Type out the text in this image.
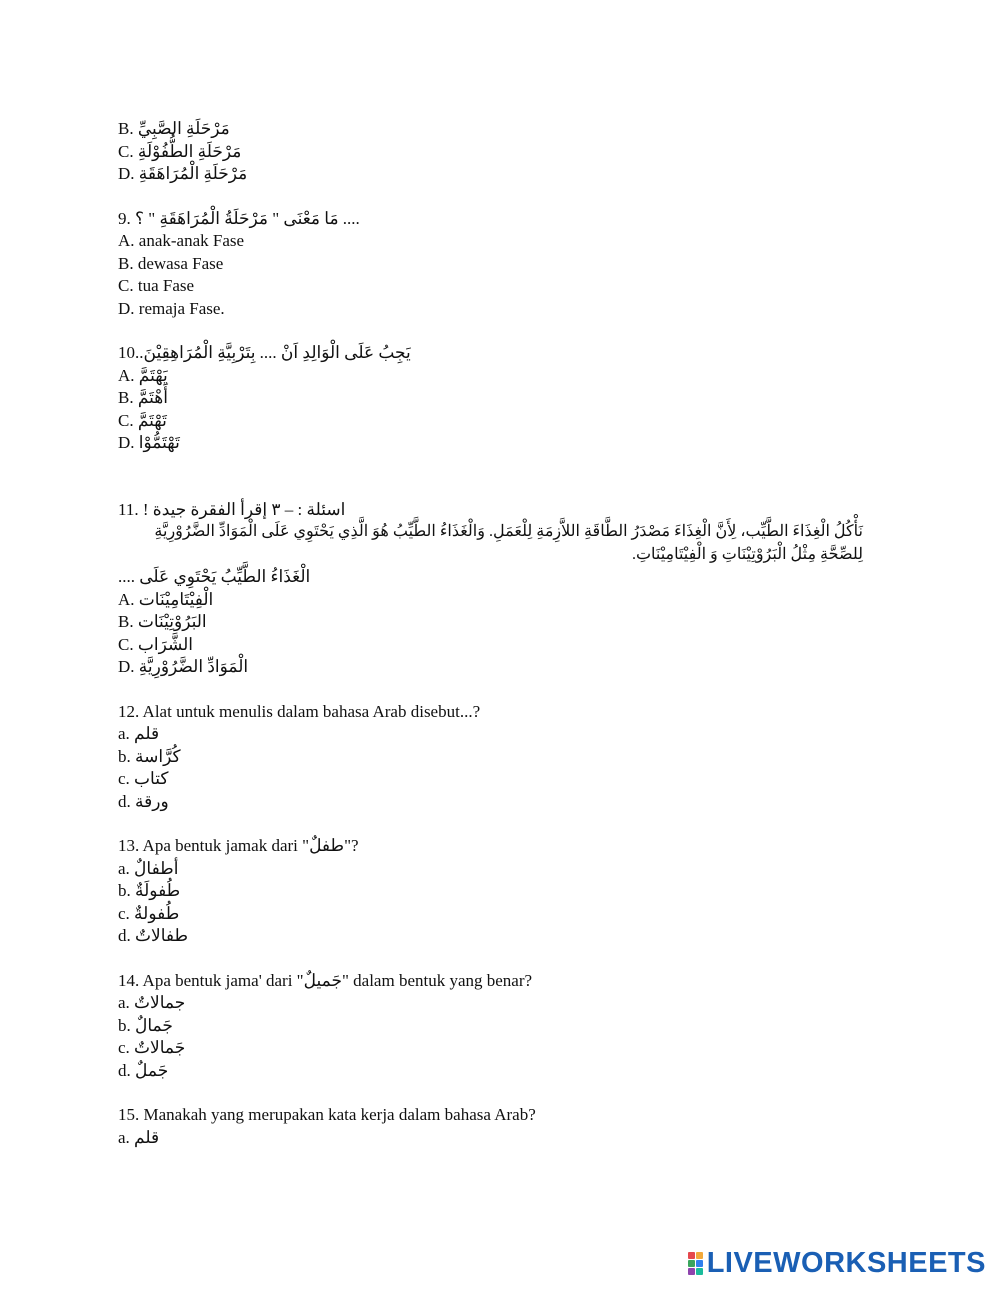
B. مَرْحَلَةِ الصَّبِيِّ
C. مَرْحَلَةِ الطُّفُوْلَةِ
D. مَرْحَلَةِ الْمُرَاهَقَةِ
9. مَا مَعْنَى " مَرْحَلَةُ الْمُرَاهَقَةِ " ؟ ....
A. anak-anak Fase
B. dewasa Fase
C. tua Fase
D. remaja Fase.
10.يَجِبُ عَلَى الْوَالِدِ اَنْ .... بِتَرْبِيَّةِ الْمُرَاهِقِيْنَ.
A. يَهْتَمَّ
B. أَهْتَمَّ
C. تَهْتَمَّ
D. تَهْتَمُّوْا
11. اسئلة : – ٣ إقرأ الفقرة جيدة !
نَأْكُلُ الْغِذَاءَ الطَّيِّب، لِأَنَّ الْغِذَاءَ مَصْدَرُ الطَّاقَةِ اللاَّزِمَةِ لِلْعَمَلِ. وَالْغَذَاءُ الطَّيِّبُ هُوَ الَّذِي يَحْتَوِي عَلَى الْمَوَادِّ الضَّرُوْرِيَّةِ لِلصِّحَّةِ مِثْلُ الْبَرُوْتِيْنَاتِ وَ الْفِيْتَامِيْنَاتِ.
الْغَذَاءُ الطَّيِّبُ يَحْتَوِي عَلَى ....
A. الْفِيْتَامِيْنَات
B. البَرُوْتِيْنَات
C. الشَّرَاب
D. الْمَوَادِّ الضَّرُوْرِيَّةِ
12. Alat untuk menulis dalam bahasa Arab disebut...?
a. قلم
b. كُرَّاسة
c. كتاب
d. ورقة
13. Apa bentuk jamak dari "طفلٌ"?
a. أطفالٌ
b. طُفولَةٌ
c. طُفولةٌ
d. طفالاتٌ
14. Apa bentuk jama' dari "جَميلٌ" dalam bentuk yang benar?
a. جمالاتٌ
b. جَمالٌ
c. جَمالاتٌ
d. جَملٌ
15. Manakah yang merupakan kata kerja dalam bahasa Arab?
a. قلم
LIVEWORKSHEETS
